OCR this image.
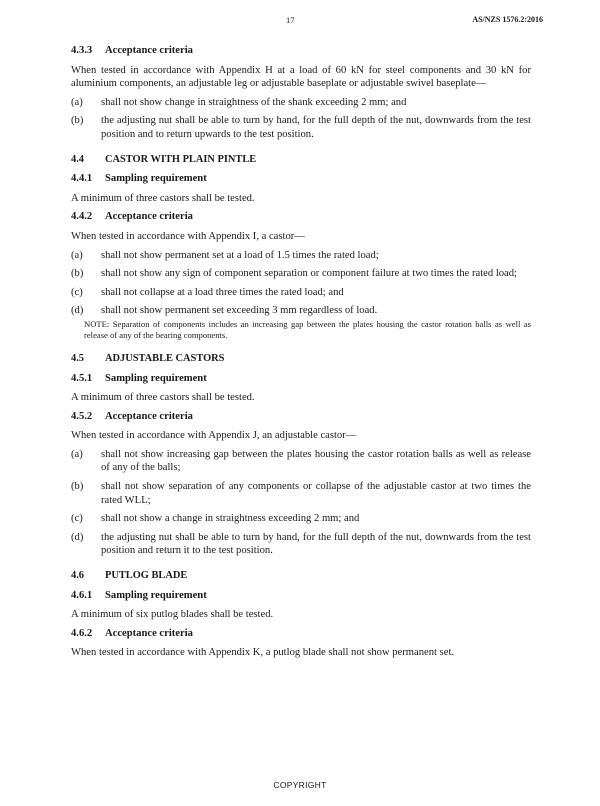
17	AS/NZS 1576.2:2016

4.3.3 Acceptance criteria

When tested in accordance with Appendix H at a load of 60 kN for steel components and 30 kN for aluminium components, an adjustable leg or adjustable baseplate or adjustable swivel baseplate—

(a)	shall not show change in straightness of the shank exceeding 2 mm; and
(b)	the adjusting nut shall be able to turn by hand, for the full depth of the nut, downwards from the test position and to return upwards to the test position.

4.4 CASTOR WITH PLAIN PINTLE

4.4.1 Sampling requirement

A minimum of three castors shall be tested.

4.4.2 Acceptance criteria

When tested in accordance with Appendix I, a castor—

(a)	shall not show permanent set at a load of 1.5 times the rated load;
(b)	shall not show any sign of component separation or component failure at two times the rated load;
(c)	shall not collapse at a load three times the rated load; and
(d)	shall not show permanent set exceeding 3 mm regardless of load.

NOTE: Separation of components includes an increasing gap between the plates housing the castor rotation balls as well as release of any of the bearing components.

4.5 ADJUSTABLE CASTORS

4.5.1 Sampling requirement

A minimum of three castors shall be tested.

4.5.2 Acceptance criteria

When tested in accordance with Appendix J, an adjustable castor—

(a)	shall not show increasing gap between the plates housing the castor rotation balls as well as release of any of the balls;
(b)	shall not show separation of any components or collapse of the adjustable castor at two times the rated WLL;
(c)	shall not show a change in straightness exceeding 2 mm; and
(d)	the adjusting nut shall be able to turn by hand, for the full depth of the nut, downwards from the test position and return it to the test position.

4.6 PUTLOG BLADE

4.6.1 Sampling requirement

A minimum of six putlog blades shall be tested.

4.6.2 Acceptance criteria

When tested in accordance with Appendix K, a putlog blade shall not show permanent set.

COPYRIGHT
